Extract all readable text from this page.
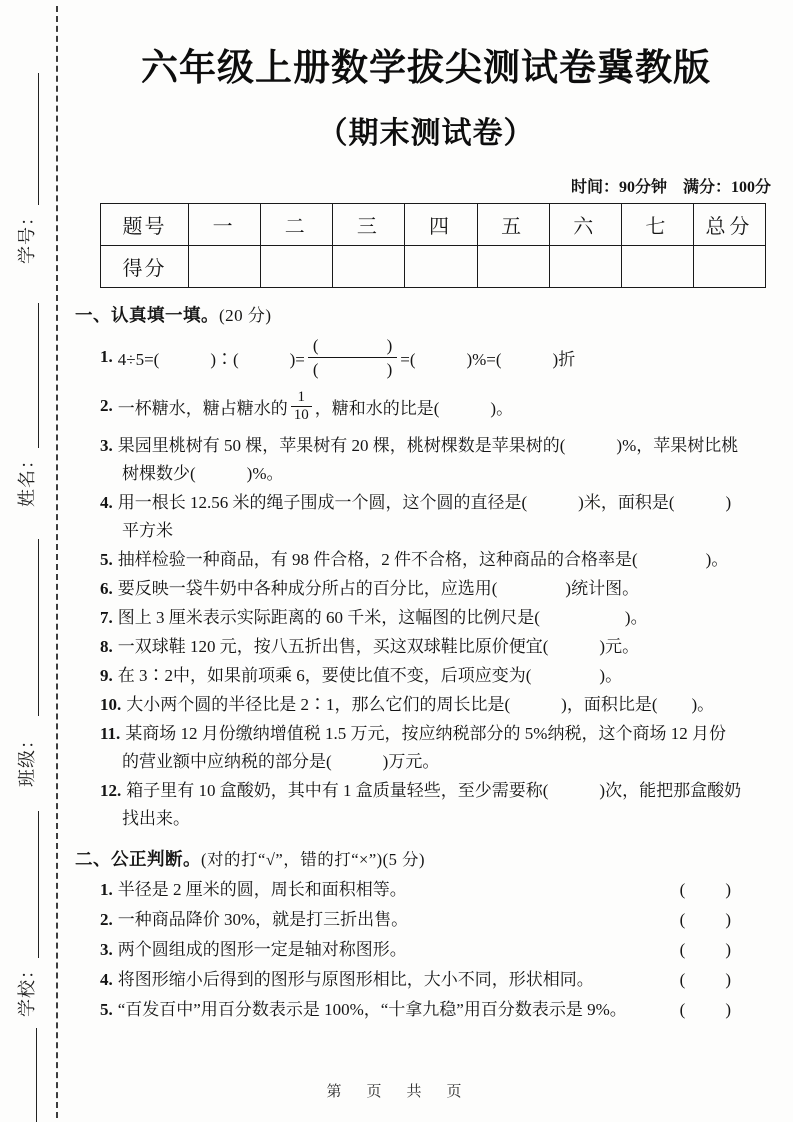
学号：
姓名：
班级：
学校：
六年级上册数学拔尖测试卷冀教版
（期末测试卷）
时间：90分钟　满分：100分
题号	一	二	三	四	五	六	七	总分
得分								
一、认真填一填。(20 分)
1. 4÷5=(　　　)∶(　　　)= $\frac{( )}{( )}$ =(　　　)%=(　　　)折
2. 一杯糖水，糖占糖水的 $\frac{1}{10}$ ，糖和水的比是(　　　)。
3. 果园里桃树有 50 棵，苹果树有 20 棵，桃树棵数是苹果树的(　　　)%，苹果树比桃
树棵数少(　　　)%。
4. 用一根长 12.56 米的绳子围成一个圆，这个圆的直径是(　　　)米，面积是(　　　)
平方米
5. 抽样检验一种商品，有 98 件合格，2 件不合格，这种商品的合格率是(　　　　)。
6. 要反映一袋牛奶中各种成分所占的百分比，应选用(　　　　)统计图。
7. 图上 3 厘米表示实际距离的 60 千米，这幅图的比例尺是(　　　　　)。
8. 一双球鞋 120 元，按八五折出售，买这双球鞋比原价便宜(　　　)元。
9. 在 3∶2中，如果前项乘 6，要使比值不变，后项应变为(　　　　)。
10. 大小两个圆的半径比是 2∶1，那么它们的周长比是(　　　)，面积比是(　　)。
11. 某商场 12 月份缴纳增值税 1.5 万元，按应纳税部分的 5%纳税，这个商场 12 月份
的营业额中应纳税的部分是(　　　)万元。
12. 箱子里有 10 盒酸奶，其中有 1 盒质量轻些，至少需要称(　　　)次，能把那盒酸奶
找出来。
二、公正判断。(对的打“√”，错的打“×”)(5 分)
1. 半径是 2 厘米的圆，周长和面积相等。	(　　)
2. 一种商品降价 30%，就是打三折出售。	(　　)
3. 两个圆组成的图形一定是轴对称图形。	(　　)
4. 将图形缩小后得到的图形与原图形相比，大小不同，形状相同。	(　　)
5. “百发百中”用百分数表示是 100%，“十拿九稳”用百分数表示是 9%。	(　　)
第　页　共　页
